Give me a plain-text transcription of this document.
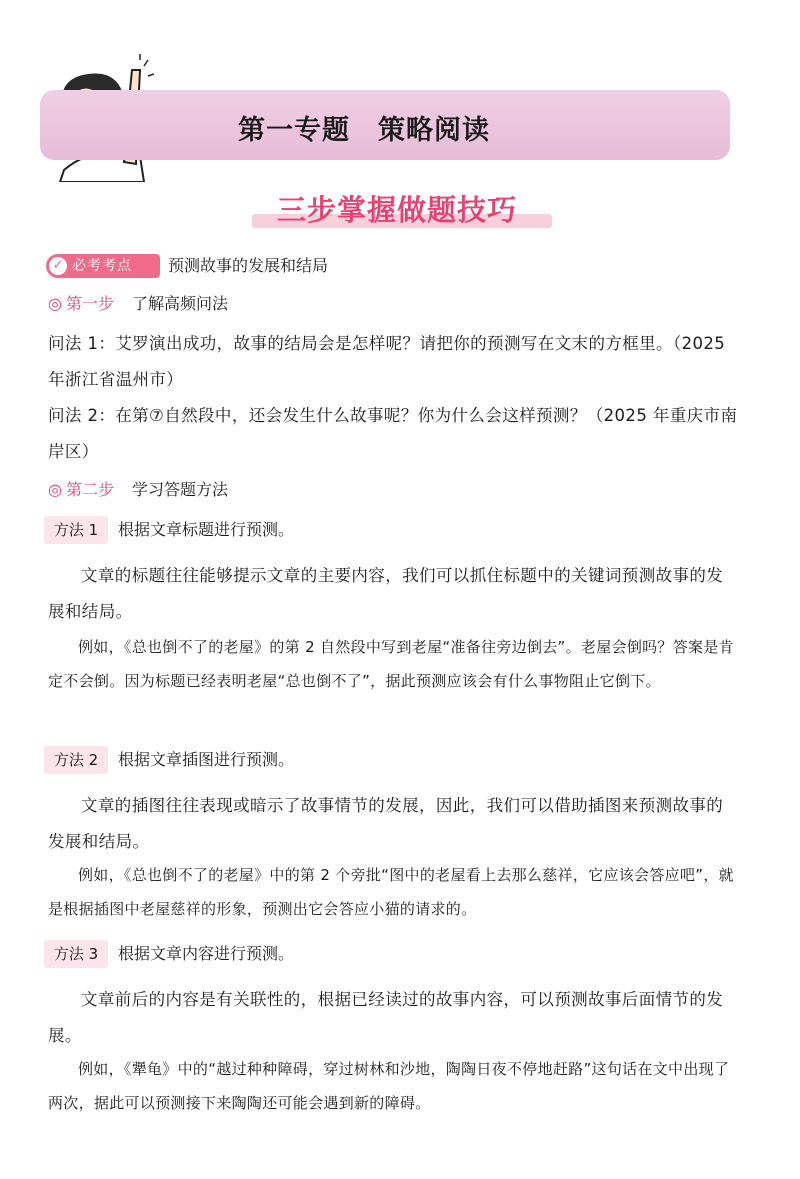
第一专题　策略阅读
三步掌握做题技巧
✓ 必考考点 预测故事的发展和结局
◎ 第一步 了解高频问法

问法 1：艾罗演出成功，故事的结局会是怎样呢？请把你的预测写在文末的方框里。（2025 年浙江省温州市）

问法 2：在第⑦自然段中，还会发生什么故事呢？你为什么会这样预测？（2025 年重庆市南岸区）

◎ 第二步 学习答题方法
方法 1	根据文章标题进行预测。

文章的标题往往能够提示文章的主要内容，我们可以抓住标题中的关键词预测故事的发展和结局。

例如，《总也倒不了的老屋》的第 2 自然段中写到老屋“准备往旁边倒去”。老屋会倒吗？答案是肯定不会倒。因为标题已经表明老屋“总也倒不了”，据此预测应该会有什么事物阻止它倒下。

方法 2	根据文章插图进行预测。

文章的插图往往表现或暗示了故事情节的发展，因此，我们可以借助插图来预测故事的发展和结局。

例如，《总也倒不了的老屋》中的第 2 个旁批“图中的老屋看上去那么慈祥，它应该会答应吧”，就是根据插图中老屋慈祥的形象，预测出它会答应小猫的请求的。

方法 3	根据文章内容进行预测。

文章前后的内容是有关联性的，根据已经读过的故事内容，可以预测故事后面情节的发展。

例如，《犟龟》中的“越过种种障碍，穿过树林和沙地，陶陶日夜不停地赶路”这句话在文中出现了两次，据此可以预测接下来陶陶还可能会遇到新的障碍。
